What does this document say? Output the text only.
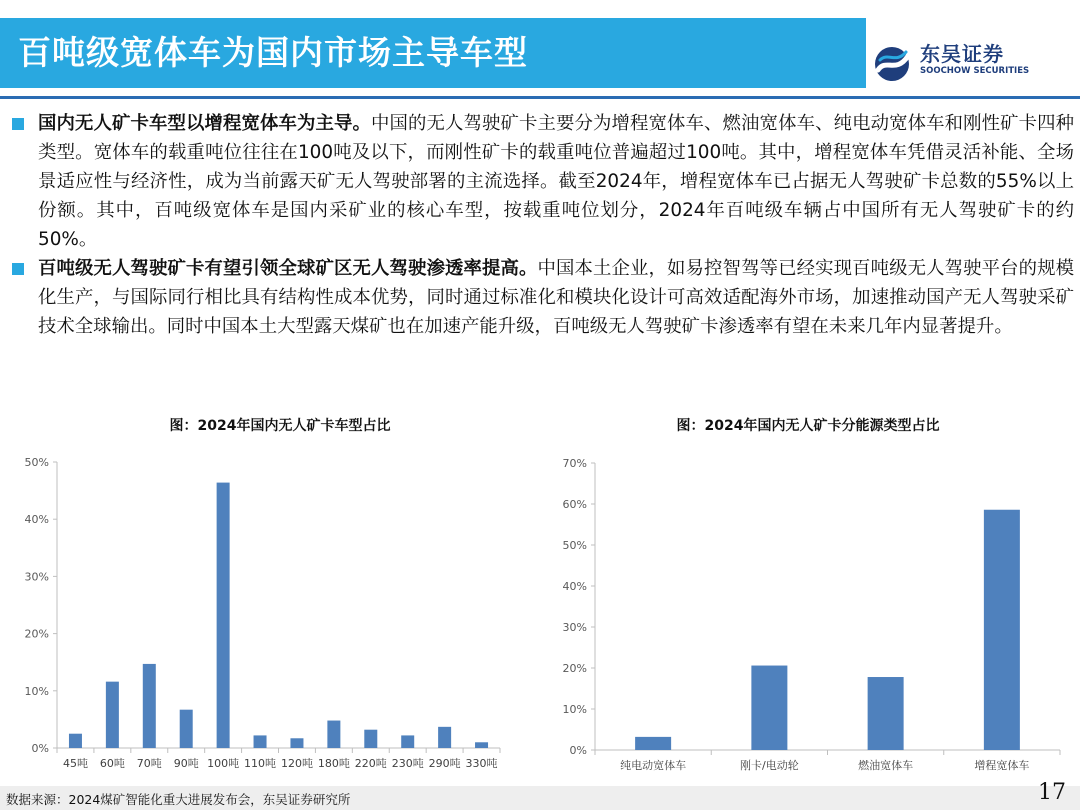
百吨级宽体车为国内市场主导车型	东吴证券
SOOCHOW SECURITIES
国内无人矿卡车型以增程宽体车为主导。中国的无人驾驶矿卡主要分为增程宽体车、燃油宽体车、纯电动宽体车和刚性矿卡四种类型。宽体车的载重吨位往往在100吨及以下，而刚性矿卡的载重吨位普遍超过100吨。其中，增程宽体车凭借灵活补能、全场景适应性与经济性，成为当前露天矿无人驾驶部署的主流选择。截至2024年，增程宽体车已占据无人驾驶矿卡总数的55%以上份额。其中，百吨级宽体车是国内采矿业的核心车型，按载重吨位划分，2024年百吨级车辆占中国所有无人驾驶矿卡的约50%。
百吨级无人驾驶矿卡有望引领全球矿区无人驾驶渗透率提高。中国本土企业，如易控智驾等已经实现百吨级无人驾驶平台的规模化生产，与国际同行相比具有结构性成本优势，同时通过标准化和模块化设计可高效适配海外市场，加速推动国产无人驾驶采矿技术全球输出。同时中国本土大型露天煤矿也在加速产能升级，百吨级无人驾驶矿卡渗透率有望在未来几年内显著提升。
图：2024年国内无人矿卡车型占比	图：2024年国内无人矿卡分能源类型占比
0%
10%
20%
30%
40%
50%
45吨 60吨 70吨 90吨 100吨 110吨 120吨 180吨 220吨 230吨 290吨 330吨
0%
10%
20%
30%
40%
50%
60%
70%
纯电动宽体车	刚卡/电动轮	燃油宽体车	增程宽体车
数据来源：2024煤矿智能化重大进展发布会，东吴证券研究所	17
